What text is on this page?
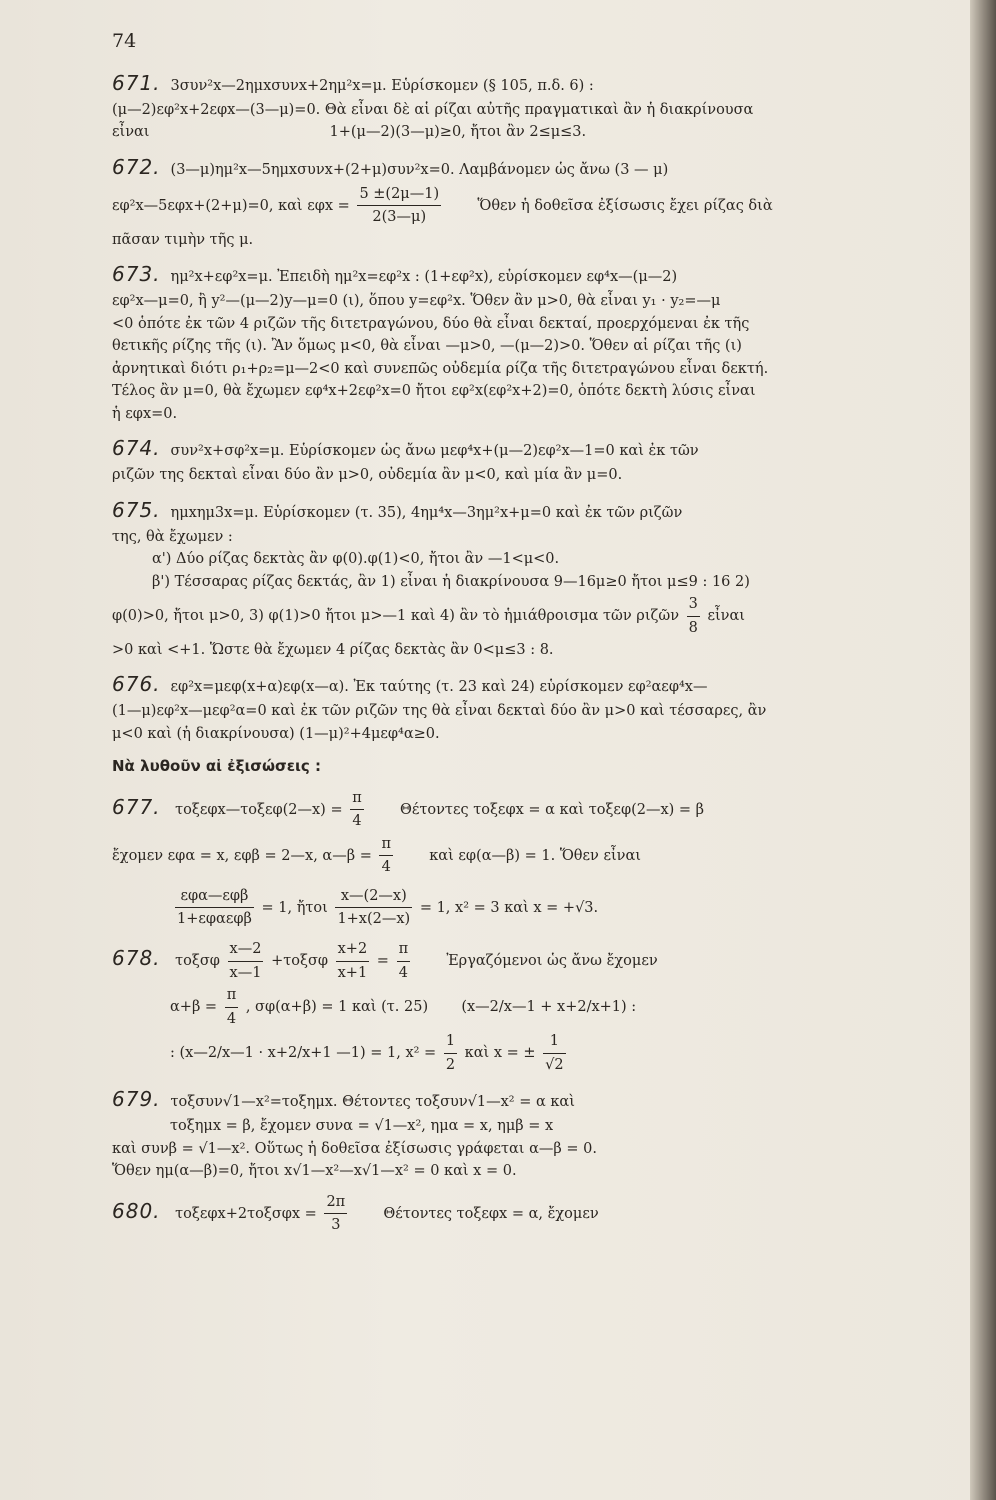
74
671. 3συν²x—2ημxσυνx+2ημ²x=μ. Εὑρίσκομεν (§ 105, π.δ. 6) :
(μ—2)εφ²x+2εφx—(3—μ)=0. Θὰ εἶναι δὲ αἱ ρίζαι αὐτῆς πραγματικαὶ ἂν ἡ διακρίνουσα
εἶναι	1+(μ—2)(3—μ)≥0, ἤτοι ἂν 2≤μ≤3.
672. (3—μ)ημ²x—5ημxσυνx+(2+μ)συν²x=0. Λαμβάνομεν ὡς ἄνω (3 — μ)
εφ²x—5εφx+(2+μ)=0, καὶ $\varepsilon\varphi x = \frac{5 \pm(2\mu—1)}{2(3—\mu)}$ Ὅθεν ἡ δοθεῖσα ἐξίσωσις ἔχει ρίζας διὰ
πᾶσαν τιμὴν τῆς μ.
673. ημ²x+εφ²x=μ. Ἐπειδὴ ημ²x=εφ²x : (1+εφ²x), εὑρίσκομεν εφ⁴x—(μ—2)
εφ²x—μ=0, ἢ y²—(μ—2)y—μ=0 (ι), ὅπου y=εφ²x. Ὅθεν ἂν μ>0, θὰ εἶναι y₁ · y₂=—μ
<0 ὁπότε ἐκ τῶν 4 ριζῶν τῆς διτετραγώνου, δύο θὰ εἶναι δεκταί, προερχόμεναι ἐκ τῆς
θετικῆς ρίζης τῆς (ι). Ἂν ὅμως μ<0, θὰ εἶναι —μ>0, —(μ—2)>0. Ὅθεν αἱ ρίζαι τῆς (ι)
ἀρνητικαὶ διότι ρ₁+ρ₂=μ—2<0 καὶ συνεπῶς οὐδεμία ρίζα τῆς διτετραγώνου εἶναι δεκτή.
Τέλος ἂν μ=0, θὰ ἔχωμεν εφ⁴x+2εφ²x=0 ἤτοι εφ²x(εφ²x+2)=0, ὁπότε δεκτὴ λύσις εἶναι
ἡ εφx=0.
674. συν²x+σφ²x=μ. Εὑρίσκομεν ὡς ἄνω μεφ⁴x+(μ—2)εφ²x—1=0 καὶ ἐκ τῶν
ριζῶν της δεκταὶ εἶναι δύο ἂν μ>0, οὐδεμία ἂν μ<0, καὶ μία ἂν μ=0.
675. ημxημ3x=μ. Εὑρίσκομεν (τ. 35), 4ημ⁴x—3ημ²x+μ=0 καὶ ἐκ τῶν ριζῶν
της, θὰ ἔχωμεν :
α') Δύο ρίζας δεκτὰς ἂν φ(0).φ(1)<0, ἤτοι ἂν —1<μ<0.
β') Τέσσαρας ρίζας δεκτάς, ἂν 1) εἶναι ἡ διακρίνουσα 9—16μ≥0 ἤτοι μ≤9 : 16 2)
φ(0)>0, ἤτοι μ>0, 3) φ(1)>0 ἤτοι μ>—1 καὶ 4) ἂν τὸ ἡμιάθροισμα τῶν ριζῶν $\frac{3}{8}$ εἶναι
>0 καὶ <+1. Ὥστε θὰ ἔχωμεν 4 ρίζας δεκτὰς ἂν 0<μ≤3 : 8.
676. εφ²x=μεφ(x+α)εφ(x—α). Ἐκ ταύτης (τ. 23 καὶ 24) εὑρίσκομεν εφ²αεφ⁴x—
(1—μ)εφ²x—μεφ²α=0 καὶ ἐκ τῶν ριζῶν της θὰ εἶναι δεκταὶ δύο ἂν μ>0 καὶ τέσσαρες, ἂν
μ<0 καὶ (ἡ διακρίνουσα) (1—μ)²+4μεφ⁴α≥0.
Νὰ λυθοῦν αἱ ἐξισώσεις :
677. τοξεφx—τοξεφ(2—x) = $\frac{\pi}{4}$ Θέτοντες τοξεφx = α καὶ τοξεφ(2—x) = β
ἔχομεν εφα = x, εφβ = 2—x, α—β = $\frac{\pi}{4}$ καὶ εφ(α—β) = 1. Ὅθεν εἶναι
$\frac{\text{εφα—εφβ}}{\text{1+εφαεφβ}} = 1$, ἤτοι $\frac{x—(2—x)}{1+x(2—x)} = 1$, x² = 3 καὶ x = +√3.
678. τοξσφ $\frac{x—2}{x—1} +\tau o\xi\sigma\varphi \frac{x+2}{x+1} = \frac{\pi}{4}$ Ἐργαζόμενοι ὡς ἄνω ἔχομεν
$\alpha+\beta = \frac{\pi}{4}$ , σφ(α+β) = 1 καὶ (τ. 25) (x—2/x—1 + x+2/x+1) :
: (x—2/x—1 · x+2/x+1 —1) = 1, $x^2 = \frac{1}{2}$ καὶ x = ± $\frac{1}{√2}$
679. τοξσυν√1—x²=τοξημx. Θέτοντες τοξσυν√1—x² = α καὶ
τοξημx = β, ἔχομεν συνα = √1—x², ημα = x, ημβ = x
καὶ συνβ = √1—x². Οὕτως ἡ δοθεῖσα ἐξίσωσις γράφεται α—β = 0.
Ὅθεν ημ(α—β)=0, ἤτοι x√1—x²—x√1—x² = 0 καὶ x = 0.
680. $\tau o\xi\varepsilon\varphi x+2\tau o\xi\sigma\varphi x = \frac{2\pi}{3}$ Θέτοντες τοξεφx = α, ἔχομεν
